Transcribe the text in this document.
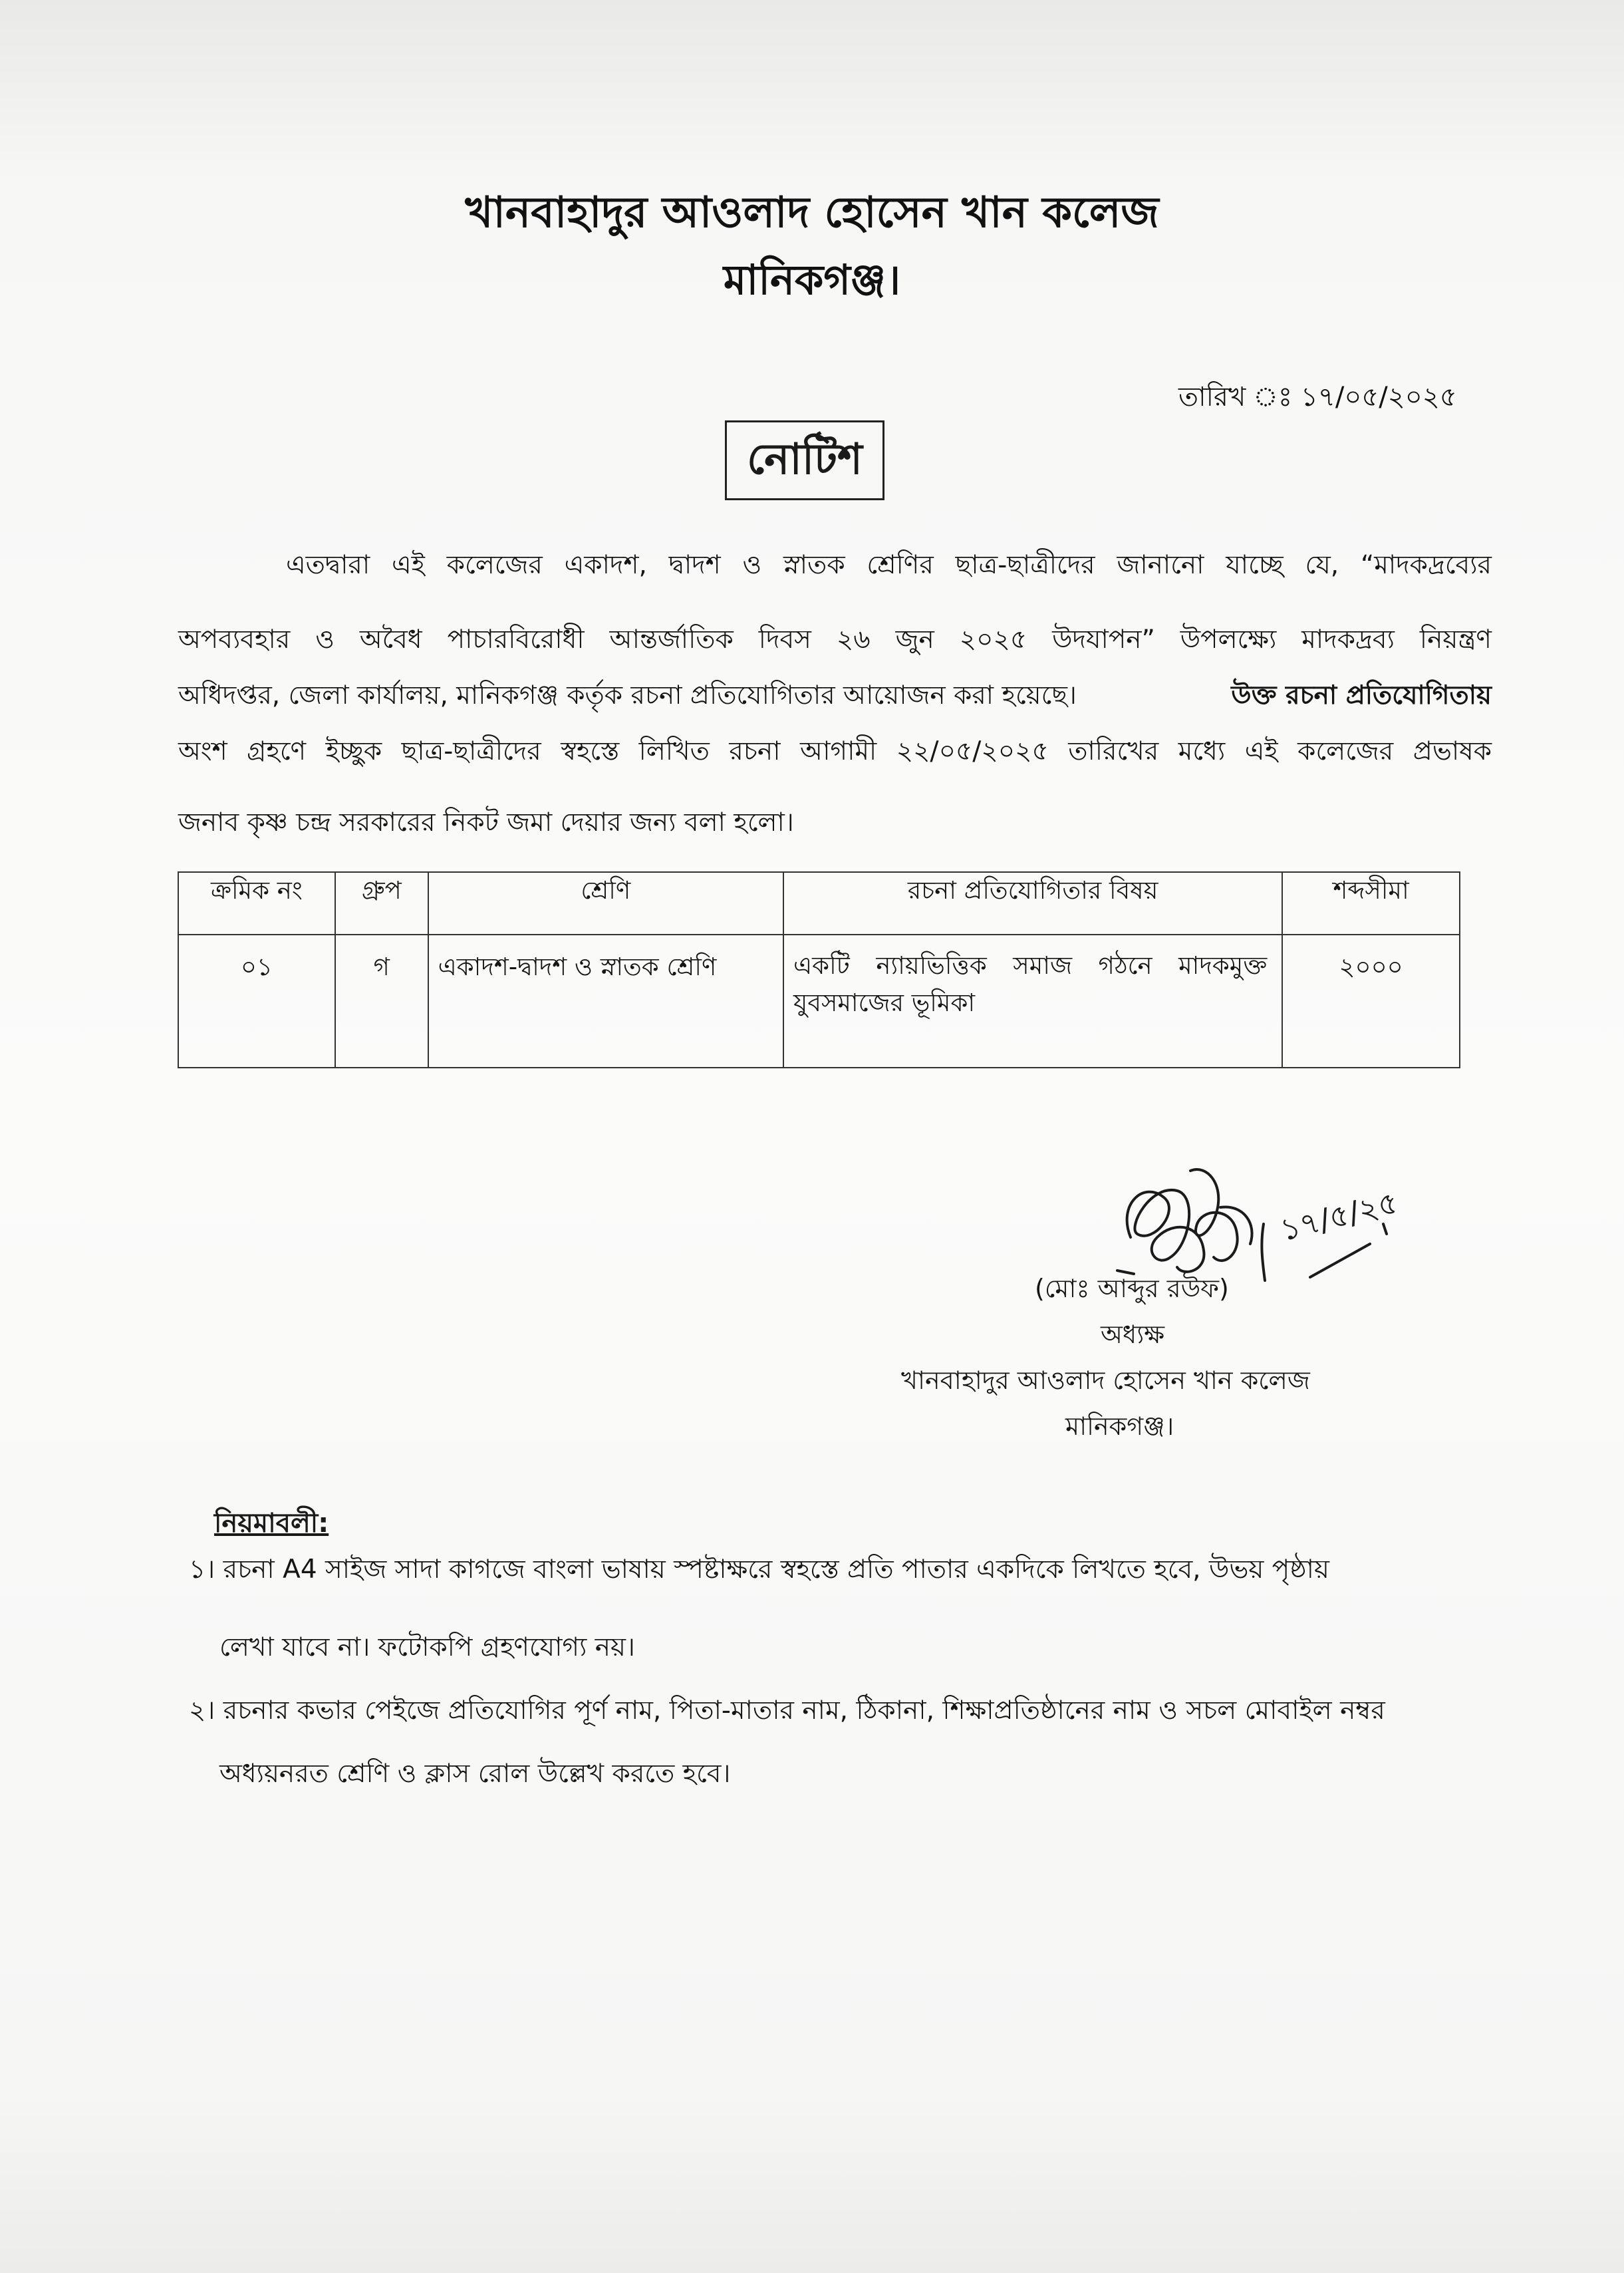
খানবাহাদুর আওলাদ হোসেন খান কলেজ
মানিকগঞ্জ।
তারিখ ঃ ১৭/০৫/২০২৫
নোটিশ
এতদ্বারা এই কলেজের একাদশ, দ্বাদশ ও স্নাতক শ্রেণির ছাত্র-ছাত্রীদের জানানো যাচ্ছে যে, “মাদকদ্রব্যের
অপব্যবহার ও অবৈধ পাচারবিরোধী আন্তর্জাতিক দিবস ২৬ জুন ২০২৫ উদযাপন” উপলক্ষ্যে মাদকদ্রব্য নিয়ন্ত্রণ
অধিদপ্তর, জেলা কার্যালয়, মানিকগঞ্জ কর্তৃক রচনা প্রতিযোগিতার আয়োজন করা হয়েছে।	উক্ত রচনা প্রতিযোগিতায়
অংশ গ্রহণে ইচ্ছুক ছাত্র-ছাত্রীদের স্বহস্তে লিখিত রচনা আগামী ২২/০৫/২০২৫ তারিখের মধ্যে এই কলেজের প্রভাষক
জনাব কৃষ্ণ চন্দ্র সরকারের নিকট জমা দেয়ার জন্য বলা হলো।
ক্রমিক নং	গ্রুপ	শ্রেণি	রচনা প্রতিযোগিতার বিষয়	শব্দসীমা
০১	গ	একাদশ-দ্বাদশ ও স্নাতক শ্রেণি	একটি ন্যায়ভিত্তিক সমাজ গঠনে মাদকমুক্ত যুবসমাজের ভূমিকা	২০০০
১৭/৫/২৫
(মোঃ আব্দুর রউফ)
অধ্যক্ষ
খানবাহাদুর আওলাদ হোসেন খান কলেজ
মানিকগঞ্জ।
নিয়মাবলী:
১। রচনা A4 সাইজ সাদা কাগজে বাংলা ভাষায় স্পষ্টাক্ষরে স্বহস্তে প্রতি পাতার একদিকে লিখতে হবে, উভয় পৃষ্ঠায়
লেখা যাবে না। ফটোকপি গ্রহণযোগ্য নয়।
২। রচনার কভার পেইজে প্রতিযোগির পূর্ণ নাম, পিতা-মাতার নাম, ঠিকানা, শিক্ষাপ্রতিষ্ঠানের নাম ও সচল মোবাইল নম্বর
অধ্যয়নরত শ্রেণি ও ক্লাস রোল উল্লেখ করতে হবে।
